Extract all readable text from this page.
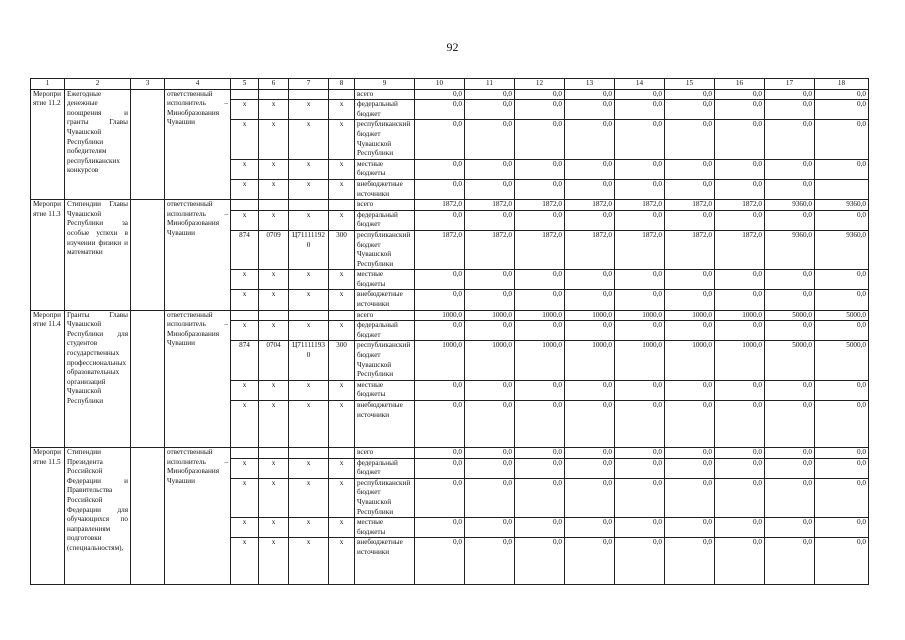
92
1	2	3	4	5	6	7	8	9	10	11	12	13	14	15	16	17	18
Мероприятие 11.2	Ежегодные денежные поощрения и гранты Главы Чувашской Республики победителям республиканских конкурсов		ответственный исполнитель – Минобразования Чувашии					всего	0,0	0,0	0,0	0,0	0,0	0,0	0,0	0,0	0,0
				x	x	x	x	федеральный бюджет	0,0	0,0	0,0	0,0	0,0	0,0	0,0	0,0	0,0
				x	x	x	x	республиканский бюджет Чувашской Республики	0,0	0,0	0,0	0,0	0,0	0,0	0,0	0,0	0,0
				x	x	x	x	местные бюджеты	0,0	0,0	0,0	0,0	0,0	0,0	0,0	0,0	0,0
				x	x	x	x	внебюджетные источники	0,0	0,0	0,0	0,0	0,0	0,0	0,0	0,0	
Мероприятие 11.3	Стипендии Главы Чувашской Республики за особые успехи в изучении физики и математики		ответственный исполнитель – Минобразования Чувашии					всего	1872,0	1872,0	1872,0	1872,0	1872,0	1872,0	1872,0	9360,0	9360,0
				x	x	x	x	федеральный бюджет	0,0	0,0	0,0	0,0	0,0	0,0	0,0	0,0	0,0
				874	0709	Ц711111920	300	республиканский бюджет Чувашской Республики	1872,0	1872,0	1872,0	1872,0	1872,0	1872,0	1872,0	9360,0	9360,0
				x	x	x	x	местные бюджеты	0,0	0,0	0,0	0,0	0,0	0,0	0,0	0,0	0,0
				x	x	x	x	внебюджетные источники	0,0	0,0	0,0	0,0	0,0	0,0	0,0	0,0	0,0
Мероприятие 11.4	Гранты Главы Чувашской Республики для студентов государственных профессиональных образовательных организаций Чувашской Республики		ответственный исполнитель – Минобразования Чувашии					всего	1000,0	1000,0	1000,0	1000,0	1000,0	1000,0	1000,0	5000,0	5000,0
				x	x	x	x	федеральный бюджет	0,0	0,0	0,0	0,0	0,0	0,0	0,0	0,0	0,0
				874	0704	Ц711111930	300	республиканский бюджет Чувашской Республики	1000,0	1000,0	1000,0	1000,0	1000,0	1000,0	1000,0	5000,0	5000,0
				x	x	x	x	местные бюджеты	0,0	0,0	0,0	0,0	0,0	0,0	0,0	0,0	0,0
				x	x	x	x	внебюджетные источники	0,0	0,0	0,0	0,0	0,0	0,0	0,0	0,0	0,0
Мероприятие 11.5	Стипендии Президента Российской Федерации и Правительства Российской Федерации для обучающихся по направлениям подготовки (специальностям),		ответственный исполнитель – Минобразования Чувашии					всего	0,0	0,0	0,0	0,0	0,0	0,0	0,0	0,0	0,0
				x	x	x	x	федеральный бюджет	0,0	0,0	0,0	0,0	0,0	0,0	0,0	0,0	0,0
				x	x	x	x	республиканский бюджет Чувашской Республики	0,0	0,0	0,0	0,0	0,0	0,0	0,0	0,0	0,0
				x	x	x	x	местные бюджеты	0,0	0,0	0,0	0,0	0,0	0,0	0,0	0,0	0,0
				x	x	x	x	внебюджетные источники	0,0	0,0	0,0	0,0	0,0	0,0	0,0	0,0	0,0
